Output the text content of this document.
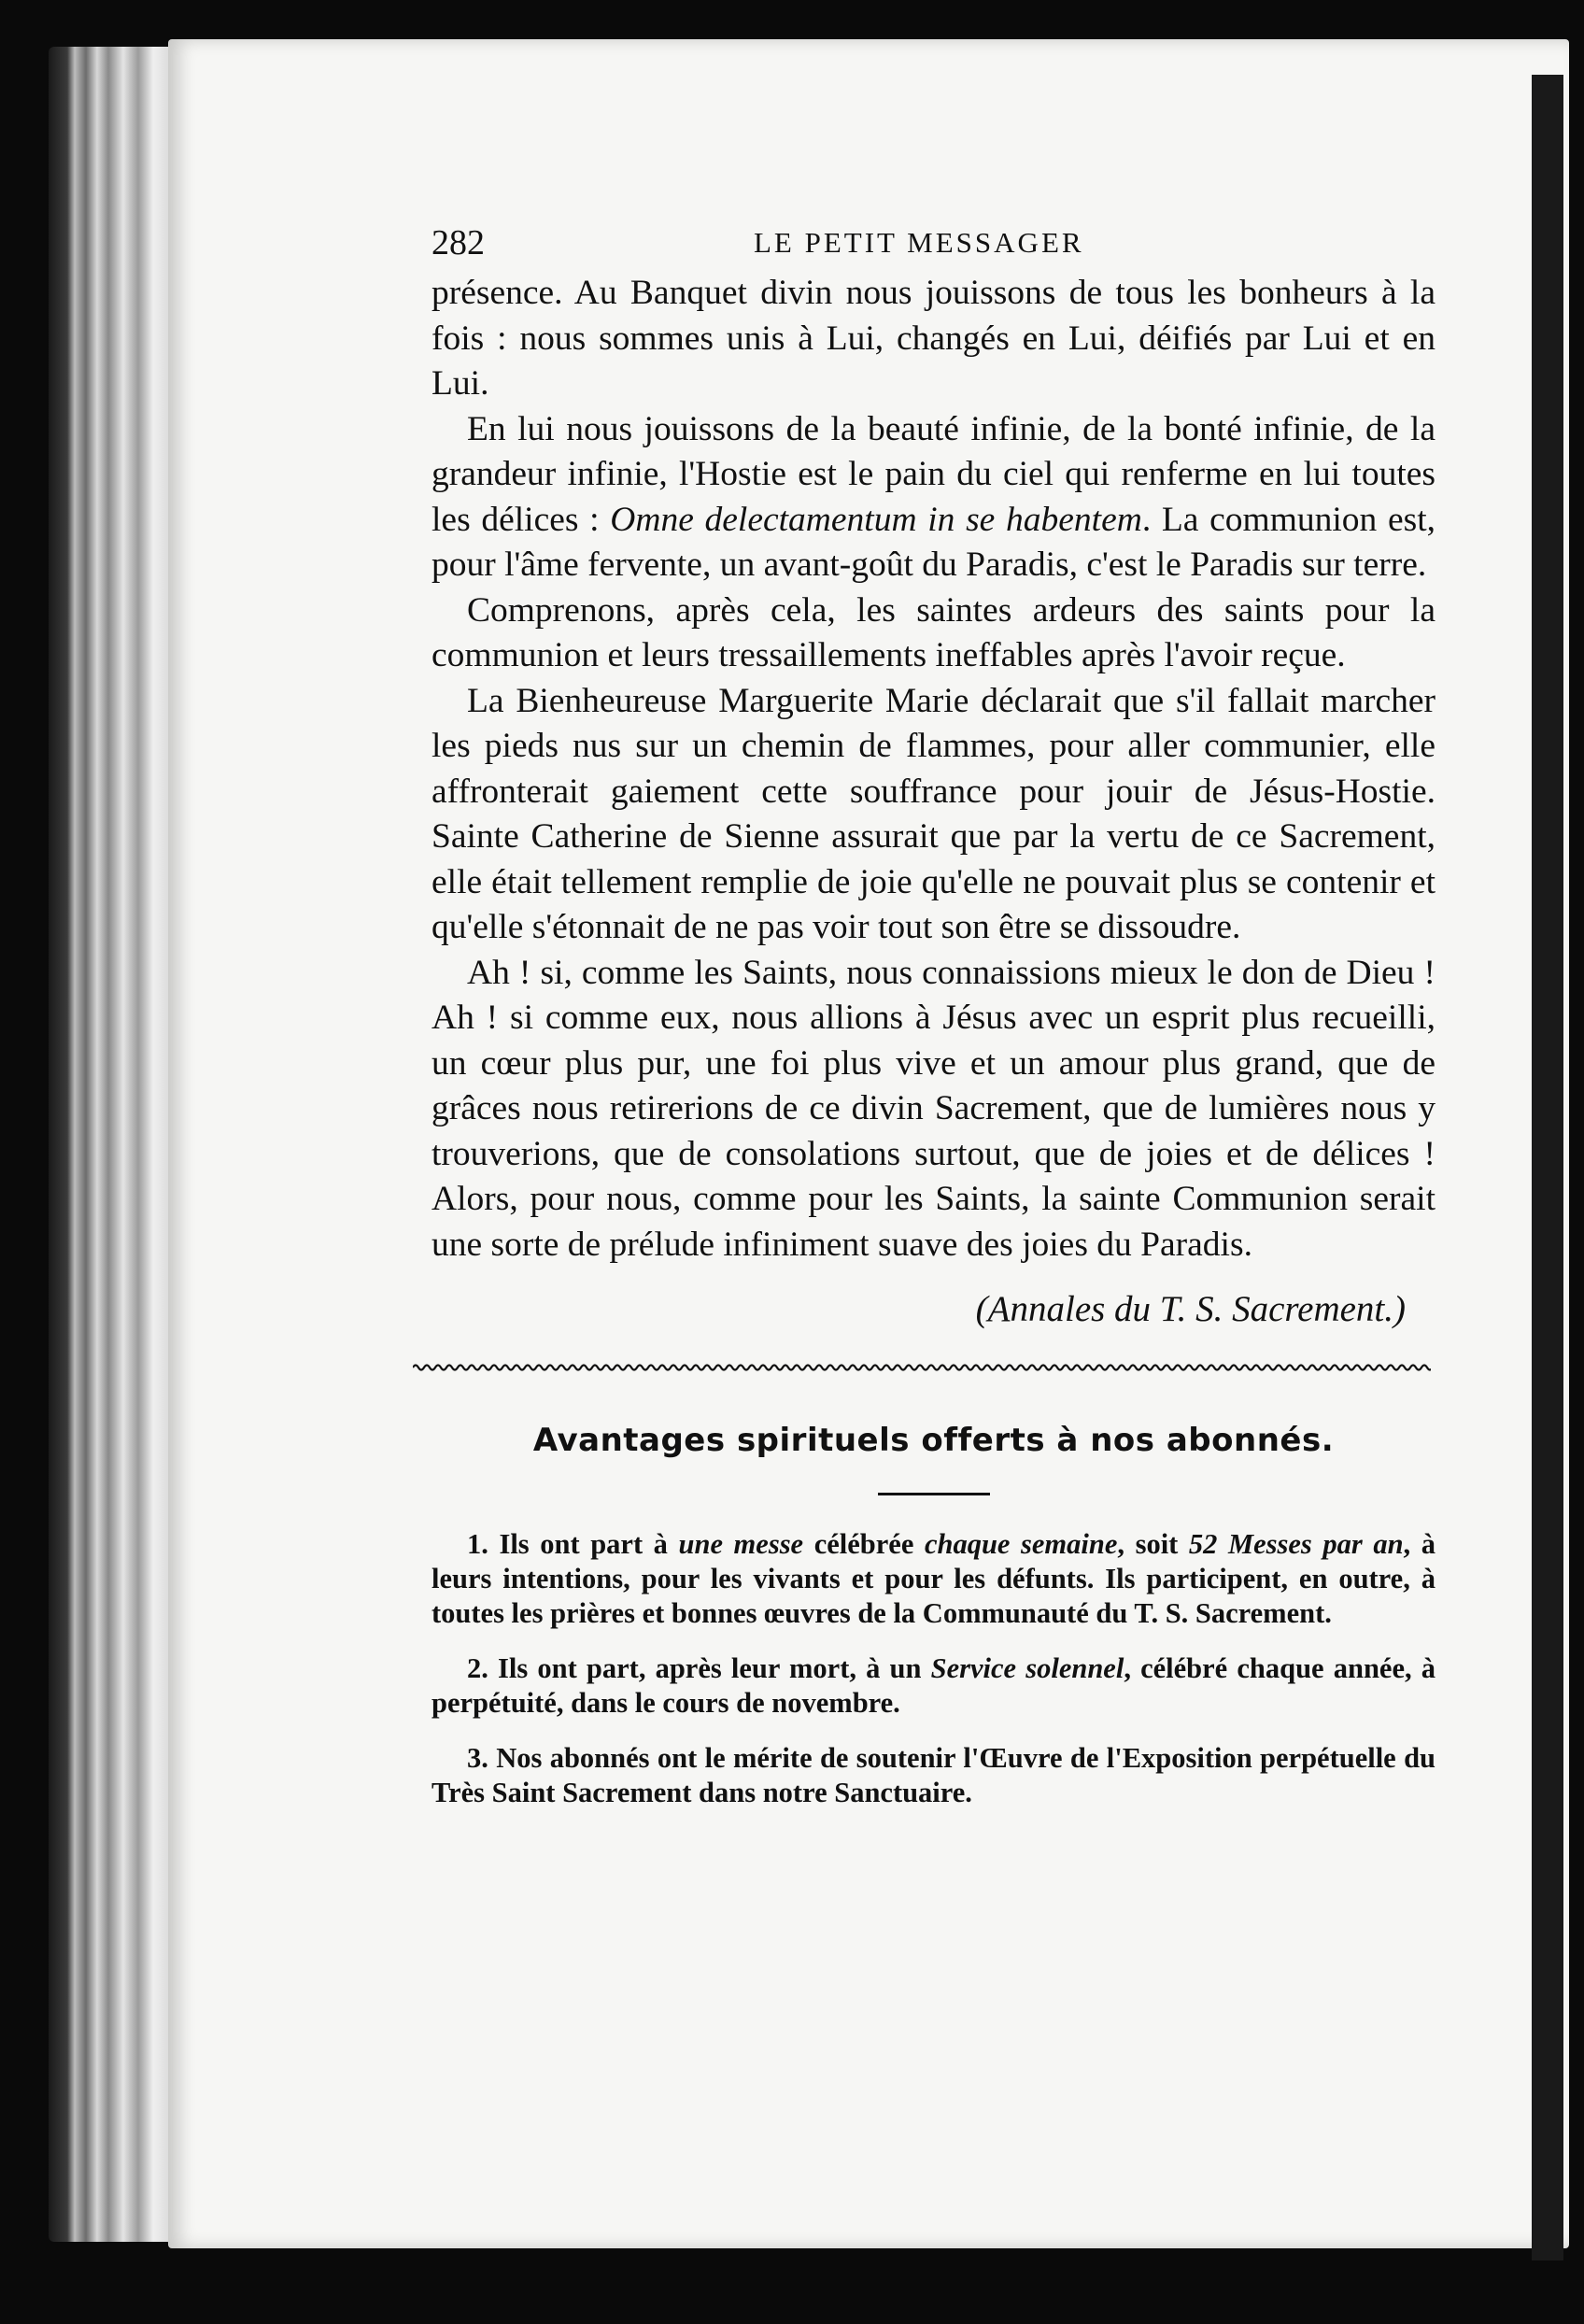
282	LE PETIT MESSAGER

présence. Au Banquet divin nous jouissons de tous les bonheurs à la fois : nous sommes unis à Lui, changés en Lui, déifiés par Lui et en Lui.

En lui nous jouissons de la beauté infinie, de la bonté infinie, de la grandeur infinie, l'Hostie est le pain du ciel qui renferme en lui toutes les délices : Omne delectamentum in se habentem. La communion est, pour l'âme fervente, un avant-goût du Paradis, c'est le Paradis sur terre.

Comprenons, après cela, les saintes ardeurs des saints pour la communion et leurs tressaillements ineffables après l'avoir reçue.

La Bienheureuse Marguerite Marie déclarait que s'il fallait marcher les pieds nus sur un chemin de flammes, pour aller communier, elle affronterait gaiement cette souffrance pour jouir de Jésus-Hostie. Sainte Catherine de Sienne assurait que par la vertu de ce Sacrement, elle était tellement remplie de joie qu'elle ne pouvait plus se contenir et qu'elle s'étonnait de ne pas voir tout son être se dissoudre.

Ah ! si, comme les Saints, nous connaissions mieux le don de Dieu ! Ah ! si comme eux, nous allions à Jésus avec un esprit plus recueilli, un cœur plus pur, une foi plus vive et un amour plus grand, que de grâces nous retirerions de ce divin Sacrement, que de lumières nous y trouverions, que de consolations surtout, que de joies et de délices ! Alors, pour nous, comme pour les Saints, la sainte Communion serait une sorte de prélude infiniment suave des joies du Paradis.

(Annales du T. S. Sacrement.)
Avantages spirituels offerts à nos abonnés.

1. Ils ont part à une messe célébrée chaque semaine, soit 52 Messes par an, à leurs intentions, pour les vivants et pour les défunts. Ils participent, en outre, à toutes les prières et bonnes œuvres de la Communauté du T. S. Sacrement.

2. Ils ont part, après leur mort, à un Service solennel, célébré chaque année, à perpétuité, dans le cours de novembre.

3. Nos abonnés ont le mérite de soutenir l'Œuvre de l'Exposition perpétuelle du Très Saint Sacrement dans notre Sanctuaire.
